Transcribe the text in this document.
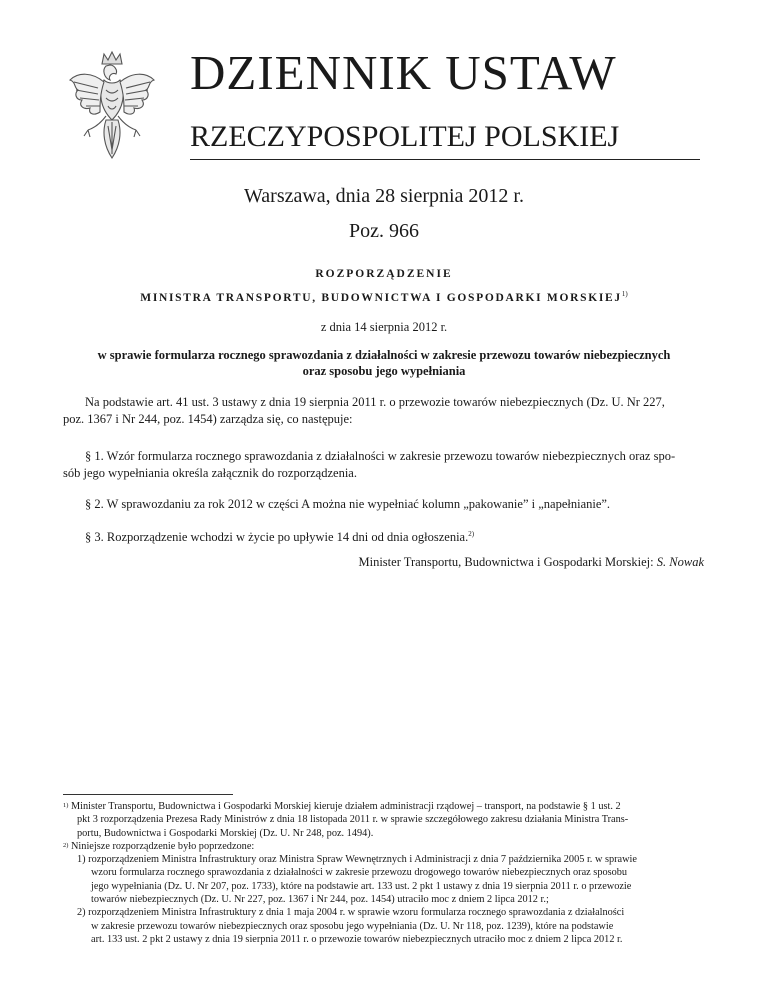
DZIENNIK USTAW
RZECZYPOSPOLITEJ POLSKIEJ
Warszawa, dnia 28 sierpnia 2012 r.
Poz. 966
ROZPORZĄDZENIE
MINISTRA TRANSPORTU, BUDOWNICTWA I GOSPODARKI MORSKIEJ$^{1)}$
z dnia 14 sierpnia 2012 r.
w sprawie formularza rocznego sprawozdania z działalności w zakresie przewozu towarów niebezpiecznych
oraz sposobu jego wypełniania
Na podstawie art. 41 ust. 3 ustawy z dnia 19 sierpnia 2011 r. o przewozie towarów niebezpiecznych (Dz. U. Nr 227,
poz. 1367 i Nr 244, poz. 1454) zarządza się, co następuje:
§ 1. Wzór formularza rocznego sprawozdania z działalności w zakresie przewozu towarów niebezpiecznych oraz spo-
sób jego wypełniania określa załącznik do rozporządzenia.
§ 2. W sprawozdaniu za rok 2012 w części A można nie wypełniać kolumn „pakowanie” i „napełnianie”.
§ 3. Rozporządzenie wchodzi w życie po upływie 14 dni od dnia ogłoszenia.$^{2)}$
Minister Transportu, Budownictwa i Gospodarki Morskiej: S. Nowak
$^{1)}$ Minister Transportu, Budownictwa i Gospodarki Morskiej kieruje działem administracji rządowej – transport, na podstawie § 1 ust. 2
pkt 3 rozporządzenia Prezesa Rady Ministrów z dnia 18 listopada 2011 r. w sprawie szczegółowego zakresu działania Ministra Trans-
portu, Budownictwa i Gospodarki Morskiej (Dz. U. Nr 248, poz. 1494).
$^{2)}$ Niniejsze rozporządzenie było poprzedzone:
1) rozporządzeniem Ministra Infrastruktury oraz Ministra Spraw Wewnętrznych i Administracji z dnia 7 października 2005 r. w sprawie
wzoru formularza rocznego sprawozdania z działalności w zakresie przewozu drogowego towarów niebezpiecznych oraz sposobu
jego wypełniania (Dz. U. Nr 207, poz. 1733), które na podstawie art. 133 ust. 2 pkt 1 ustawy z dnia 19 sierpnia 2011 r. o przewozie
towarów niebezpiecznych (Dz. U. Nr 227, poz. 1367 i Nr 244, poz. 1454) utraciło moc z dniem 2 lipca 2012 r.;
2) rozporządzeniem Ministra Infrastruktury z dnia 1 maja 2004 r. w sprawie wzoru formularza rocznego sprawozdania z działalności
w zakresie przewozu towarów niebezpiecznych oraz sposobu jego wypełniania (Dz. U. Nr 118, poz. 1239), które na podstawie
art. 133 ust. 2 pkt 2 ustawy z dnia 19 sierpnia 2011 r. o przewozie towarów niebezpiecznych utraciło moc z dniem 2 lipca 2012 r.
